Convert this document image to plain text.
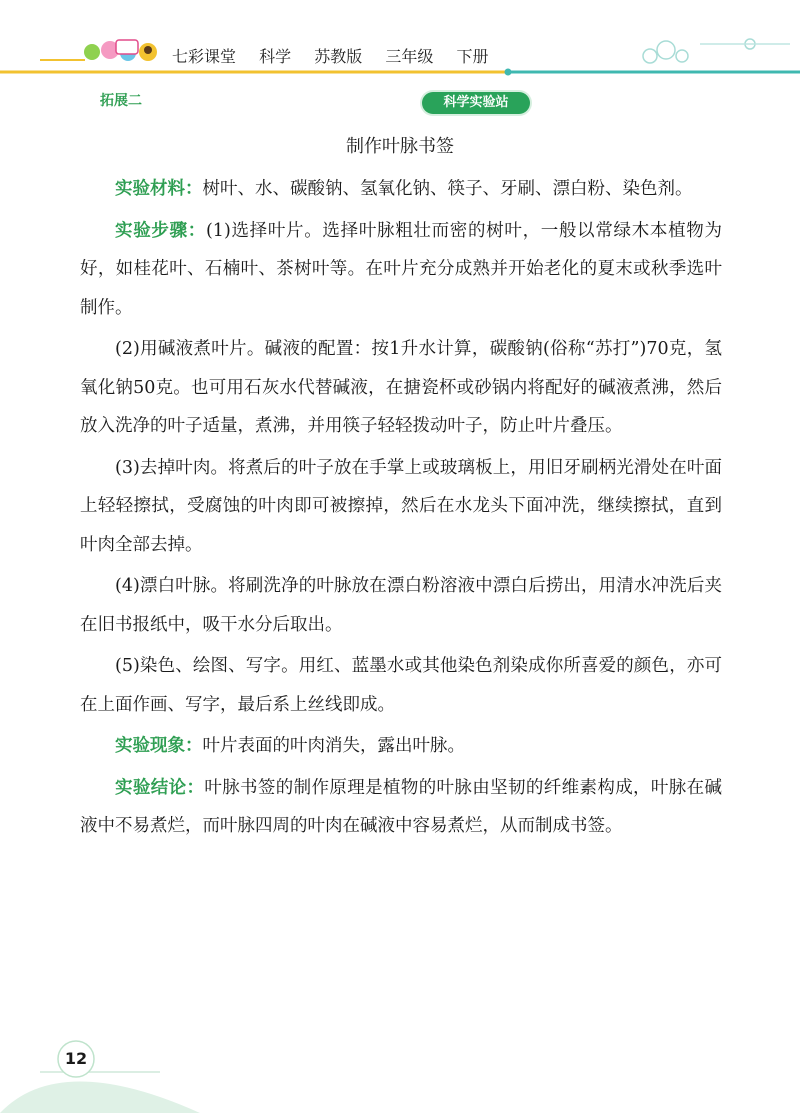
七彩课堂 科学 苏教版 三年级 下册
拓展二	科学实验站
制作叶脉书签

实验材料：树叶、水、碳酸钠、氢氧化钠、筷子、牙刷、漂白粉、染色剂。

实验步骤：(1)选择叶片。选择叶脉粗壮而密的树叶，一般以常绿木本植物为好，如桂花叶、石楠叶、茶树叶等。在叶片充分成熟并开始老化的夏末或秋季选叶制作。

(2)用碱液煮叶片。碱液的配置：按1升水计算，碳酸钠(俗称“苏打”)70克，氢氧化钠50克。也可用石灰水代替碱液，在搪瓷杯或砂锅内将配好的碱液煮沸，然后放入洗净的叶子适量，煮沸，并用筷子轻轻拨动叶子，防止叶片叠压。

(3)去掉叶肉。将煮后的叶子放在手掌上或玻璃板上，用旧牙刷柄光滑处在叶面上轻轻擦拭，受腐蚀的叶肉即可被擦掉，然后在水龙头下面冲洗，继续擦拭，直到叶肉全部去掉。

(4)漂白叶脉。将刷洗净的叶脉放在漂白粉溶液中漂白后捞出，用清水冲洗后夹在旧书报纸中，吸干水分后取出。

(5)染色、绘图、写字。用红、蓝墨水或其他染色剂染成你所喜爱的颜色，亦可在上面作画、写字，最后系上丝线即成。

实验现象：叶片表面的叶肉消失，露出叶脉。

实验结论：叶脉书签的制作原理是植物的叶脉由坚韧的纤维素构成，叶脉在碱液中不易煮烂，而叶脉四周的叶肉在碱液中容易煮烂，从而制成书签。

12
